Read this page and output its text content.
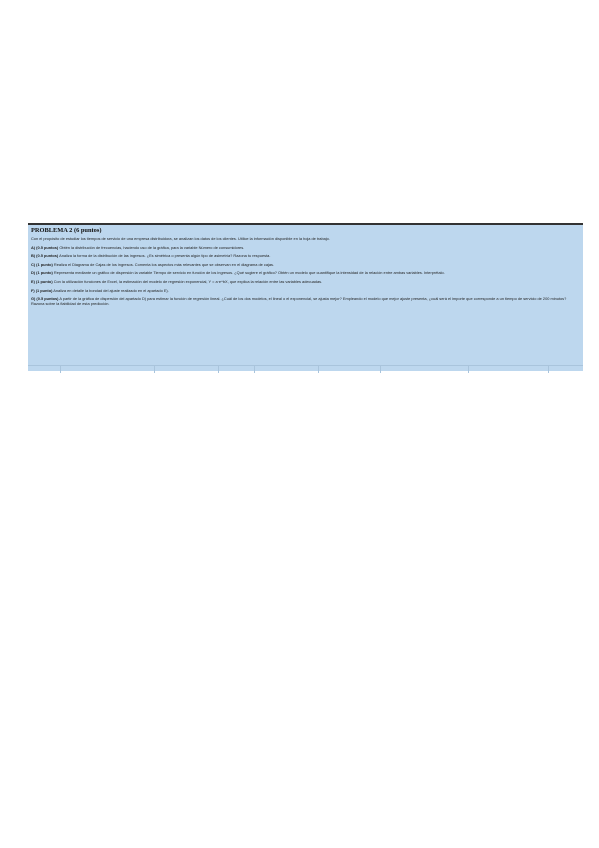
PROBLEMA 2 (6 puntos)
Con el propósito de estudiar los tiempos de servicio de una empresa distribuidora, se analizan los datos de los clientes. Utilice la información disponible en la hoja de trabajo.
A) (0.5 puntos) Obtén la distribución de frecuencias, haciendo uso de la gráfica, para la variable Número de consumidores.
B) (0.5 puntos) Analiza la forma de la distribución de las ingresos. ¿Es simétrica o presenta algún tipo de asimetría? Razona tu respuesta.
C) (1 punto) Realiza el Diagrama de Cajas de los ingresos. Comenta los aspectos más relevantes que se observan en el diagrama de cajas.
D) (1 punto) Representa mediante un gráfico de dispersión la variable Tiempo de servicio en función de los ingresos. ¿Qué sugiere el gráfico? Obtén un modelo que cuantifique la intensidad de la relación entre ambas variables. Interprétalo.
E) (1 punto) Con la utilización funciones de Excel, la estimación del modelo de regresión exponencial, Y = a·e^bX, que explica la relación entre las variables adecuadas.
F) (1 punto) Analiza en detalle la bondad del ajuste realizado en el apartado E).
G) (0.5 puntos) A partir de la gráfica de dispersión del apartado D) para estimar la función de regresión lineal. ¿Cuál de los dos modelos, el lineal o el exponencial, se ajusta mejor? Empleando el modelo que mejor ajuste presenta, ¿cuál será el importe que corresponde a un tiempo de servicio de 200 minutos? Razona sobre la fiabilidad de esta predicción.
